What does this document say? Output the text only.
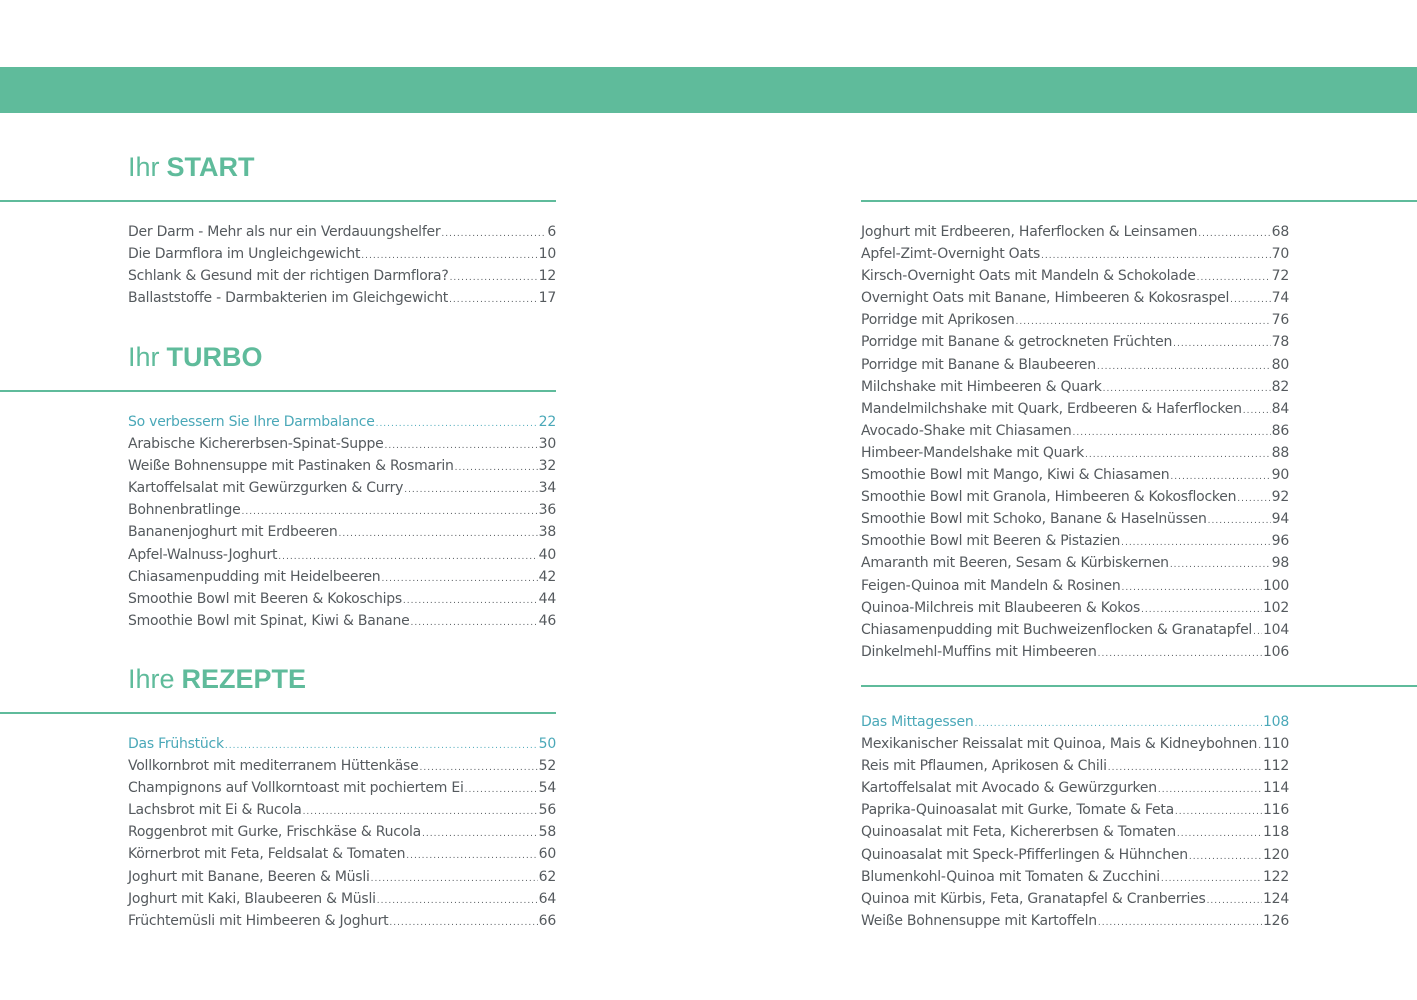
Ihr START
Der Darm - Mehr als nur ein Verdauungshelfer .....	6
Die Darmflora im Ungleichgewicht .....	10
Schlank & Gesund mit der richtigen Darmflora? .....	12
Ballaststoffe - Darmbakterien im Gleichgewicht .....	17
Ihr TURBO
So verbessern Sie Ihre Darmbalance .....	22
Arabische Kichererbsen-Spinat-Suppe .....	30
Weiße Bohnensuppe mit Pastinaken & Rosmarin .....	32
Kartoffelsalat mit Gewürzgurken & Curry .....	34
Bohnenbratlinge .....	36
Bananenjoghurt mit Erdbeeren .....	38
Apfel-Walnuss-Joghurt .....	40
Chiasamenpudding mit Heidelbeeren .....	42
Smoothie Bowl mit Beeren & Kokoschips .....	44
Smoothie Bowl mit Spinat, Kiwi & Banane .....	46
Ihre REZEPTE
Das Frühstück .....	50
Vollkornbrot mit mediterranem Hüttenkäse .....	52
Champignons auf Vollkorntoast mit pochiertem Ei .....	54
Lachsbrot mit Ei & Rucola .....	56
Roggenbrot mit Gurke, Frischkäse & Rucola .....	58
Körnerbrot mit Feta, Feldsalat & Tomaten .....	60
Joghurt mit Banane, Beeren & Müsli .....	62
Joghurt mit Kaki, Blaubeeren & Müsli .....	64
Früchtemüsli mit Himbeeren & Joghurt .....	66
Joghurt mit Erdbeeren, Haferflocken & Leinsamen .....	68
Apfel-Zimt-Overnight Oats .....	70
Kirsch-Overnight Oats mit Mandeln & Schokolade .....	72
Overnight Oats mit Banane, Himbeeren & Kokosraspel .....	74
Porridge mit Aprikosen .....	76
Porridge mit Banane & getrockneten Früchten .....	78
Porridge mit Banane & Blaubeeren .....	80
Milchshake mit Himbeeren & Quark .....	82
Mandelmilchshake mit Quark, Erdbeeren & Haferflocken ..... 84
Avocado-Shake mit Chiasamen .....	86
Himbeer-Mandelshake mit Quark .....	88
Smoothie Bowl mit Mango, Kiwi & Chiasamen .....	90
Smoothie Bowl mit Granola, Himbeeren & Kokosflocken .....	92
Smoothie Bowl mit Schoko, Banane & Haselnüssen .....	94
Smoothie Bowl mit Beeren & Pistazien .....	96
Amaranth mit Beeren, Sesam & Kürbiskernen .....	98
Feigen-Quinoa mit Mandeln & Rosinen .....	100
Quinoa-Milchreis mit Blaubeeren & Kokos .....	102
Chiasamenpudding mit Buchweizenflocken & Granatapfel ..... 104
Dinkelmehl-Muffins mit Himbeeren .....	106
Das Mittagessen .....	108
Mexikanischer Reissalat mit Quinoa, Mais & Kidneybohnen ..... 110
Reis mit Pflaumen, Aprikosen & Chili .....	112
Kartoffelsalat mit Avocado & Gewürzgurken .....	114
Paprika-Quinoasalat mit Gurke, Tomate & Feta .....	116
Quinoasalat mit Feta, Kichererbsen & Tomaten .....	118
Quinoasalat mit Speck-Pfifferlingen & Hühnchen .....	120
Blumenkohl-Quinoa mit Tomaten & Zucchini .....	122
Quinoa mit Kürbis, Feta, Granatapfel & Cranberries .....	124
Weiße Bohnensuppe mit Kartoffeln .....	126
